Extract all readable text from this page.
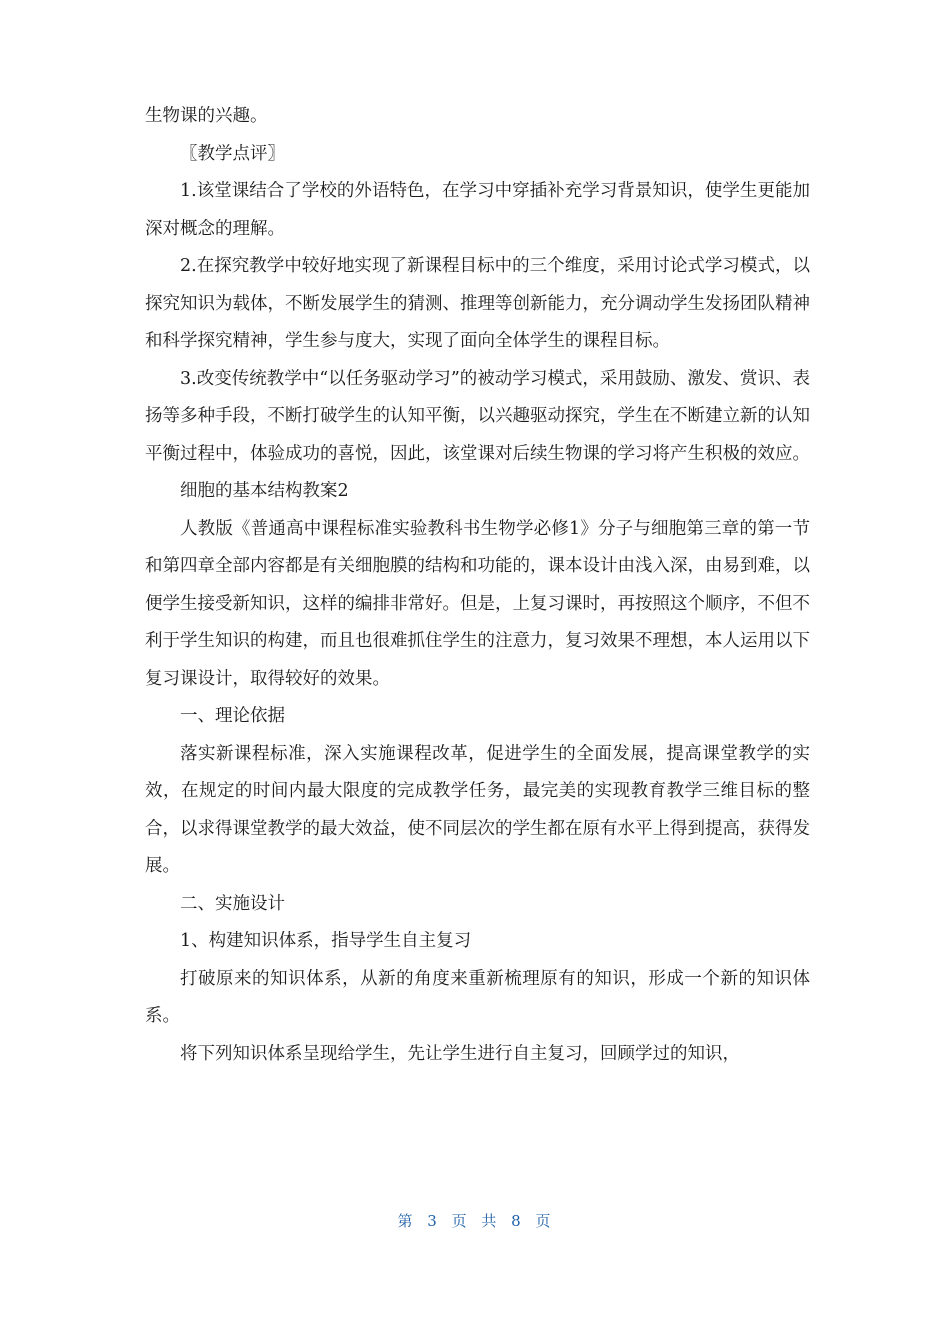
生物课的兴趣。

〖教学点评〗

1.该堂课结合了学校的外语特色，在学习中穿插补充学习背景知识，使学生更能加深对概念的理解。

2.在探究教学中较好地实现了新课程目标中的三个维度，采用讨论式学习模式，以探究知识为载体，不断发展学生的猜测、推理等创新能力，充分调动学生发扬团队精神和科学探究精神，学生参与度大，实现了面向全体学生的课程目标。

3.改变传统教学中“以任务驱动学习”的被动学习模式，采用鼓励、激发、赏识、表扬等多种手段，不断打破学生的认知平衡，以兴趣驱动探究，学生在不断建立新的认知平衡过程中，体验成功的喜悦，因此，该堂课对后续生物课的学习将产生积极的效应。

细胞的基本结构教案2

人教版《普通高中课程标准实验教科书生物学必修1》分子与细胞第三章的第一节和第四章全部内容都是有关细胞膜的结构和功能的，课本设计由浅入深，由易到难，以便学生接受新知识，这样的编排非常好。但是，上复习课时，再按照这个顺序，不但不利于学生知识的构建，而且也很难抓住学生的注意力，复习效果不理想，本人运用以下复习课设计，取得较好的效果。

一、理论依据

落实新课程标准，深入实施课程改革，促进学生的全面发展，提高课堂教学的实效，在规定的时间内最大限度的完成教学任务，最完美的实现教育教学三维目标的整合，以求得课堂教学的最大效益，使不同层次的学生都在原有水平上得到提高，获得发展。

二、实施设计

1、构建知识体系，指导学生自主复习

打破原来的知识体系，从新的角度来重新梳理原有的知识，形成一个新的知识体系。

将下列知识体系呈现给学生，先让学生进行自主复习，回顾学过的知识，

第 3 页 共 8 页
